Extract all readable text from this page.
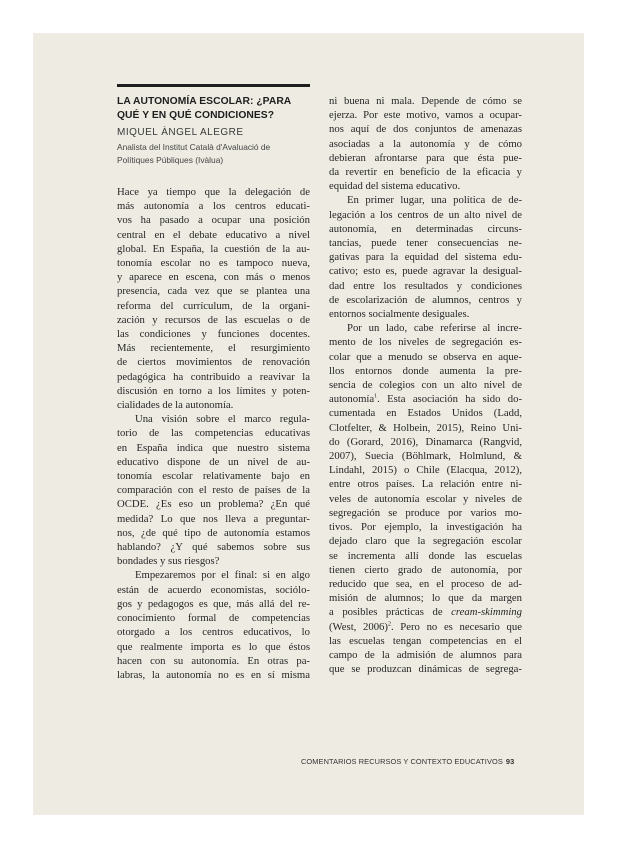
LA AUTONOMÍA ESCOLAR: ¿PARA
QUÉ Y EN QUÉ CONDICIONES?
MIQUEL ÀNGEL ALEGRE
Analista del Institut Català d'Avaluació de
Polítiques Públiques (Ivàlua)

Hace ya tiempo que la delegación de
más autonomía a los centros educati-
vos ha pasado a ocupar una posición
central en el debate educativo a nivel
global. En España, la cuestión de la au-
tonomía escolar no es tampoco nueva,
y aparece en escena, con más o menos
presencia, cada vez que se plantea una
reforma del currículum, de la organi-
zación y recursos de las escuelas o de
las condiciones y funciones docentes.
Más recientemente, el resurgimiento
de ciertos movimientos de renovación
pedagógica ha contribuido a reavivar la
discusión en torno a los límites y poten-
cialidades de la autonomía.

Una visión sobre el marco regula-
torio de las competencias educativas
en España indica que nuestro sistema
educativo dispone de un nivel de au-
tonomía escolar relativamente bajo en
comparación con el resto de países de la
OCDE. ¿Es eso un problema? ¿En qué
medida? Lo que nos lleva a preguntar-
nos, ¿de qué tipo de autonomía estamos
hablando? ¿Y qué sabemos sobre sus
bondades y sus riesgos?

Empezaremos por el final: si en algo
están de acuerdo economistas, sociólo-
gos y pedagogos es que, más allá del re-
conocimiento formal de competencias
otorgado a los centros educativos, lo
que realmente importa es lo que éstos
hacen con su autonomía. En otras pa-
labras, la autonomía no es en sí misma

ni buena ni mala. Depende de cómo se
ejerza. Por este motivo, vamos a ocupar-
nos aquí de dos conjuntos de amenazas
asociadas a la autonomía y de cómo
debieran afrontarse para que ésta pue-
da revertir en beneficio de la eficacia y
equidad del sistema educativo.

En primer lugar, una política de de-
legación a los centros de un alto nivel de
autonomía, en determinadas circuns-
tancias, puede tener consecuencias ne-
gativas para la equidad del sistema edu-
cativo; esto es, puede agravar la desigual-
dad entre los resultados y condiciones
de escolarización de alumnos, centros y
entornos socialmente desiguales.

Por un lado, cabe referirse al incre-
mento de los niveles de segregación es-
colar que a menudo se observa en aque-
llos entornos donde aumenta la pre-
sencia de colegios con un alto nivel de
autonomía$^1$. Esta asociación ha sido do-
cumentada en Estados Unidos (Ladd,
Clotfelter, & Holbein, 2015), Reino Uni-
do (Gorard, 2016), Dinamarca (Rangvid,
2007), Suecia (Böhlmark, Holmlund, &
Lindahl, 2015) o Chile (Elacqua, 2012),
entre otros países. La relación entre ni-
veles de autonomía escolar y niveles de
segregación se produce por varios mo-
tivos. Por ejemplo, la investigación ha
dejado claro que la segregación escolar
se incrementa allí donde las escuelas
tienen cierto grado de autonomía, por
reducido que sea, en el proceso de ad-
misión de alumnos; lo que da margen
a posibles prácticas de cream-skimming
(West, 2006)$^2$. Pero no es necesario que
las escuelas tengan competencias en el
campo de la admisión de alumnos para
que se produzcan dinámicas de segrega-

COMENTARIOS RECURSOS Y CONTEXTO EDUCATIVOS 93
